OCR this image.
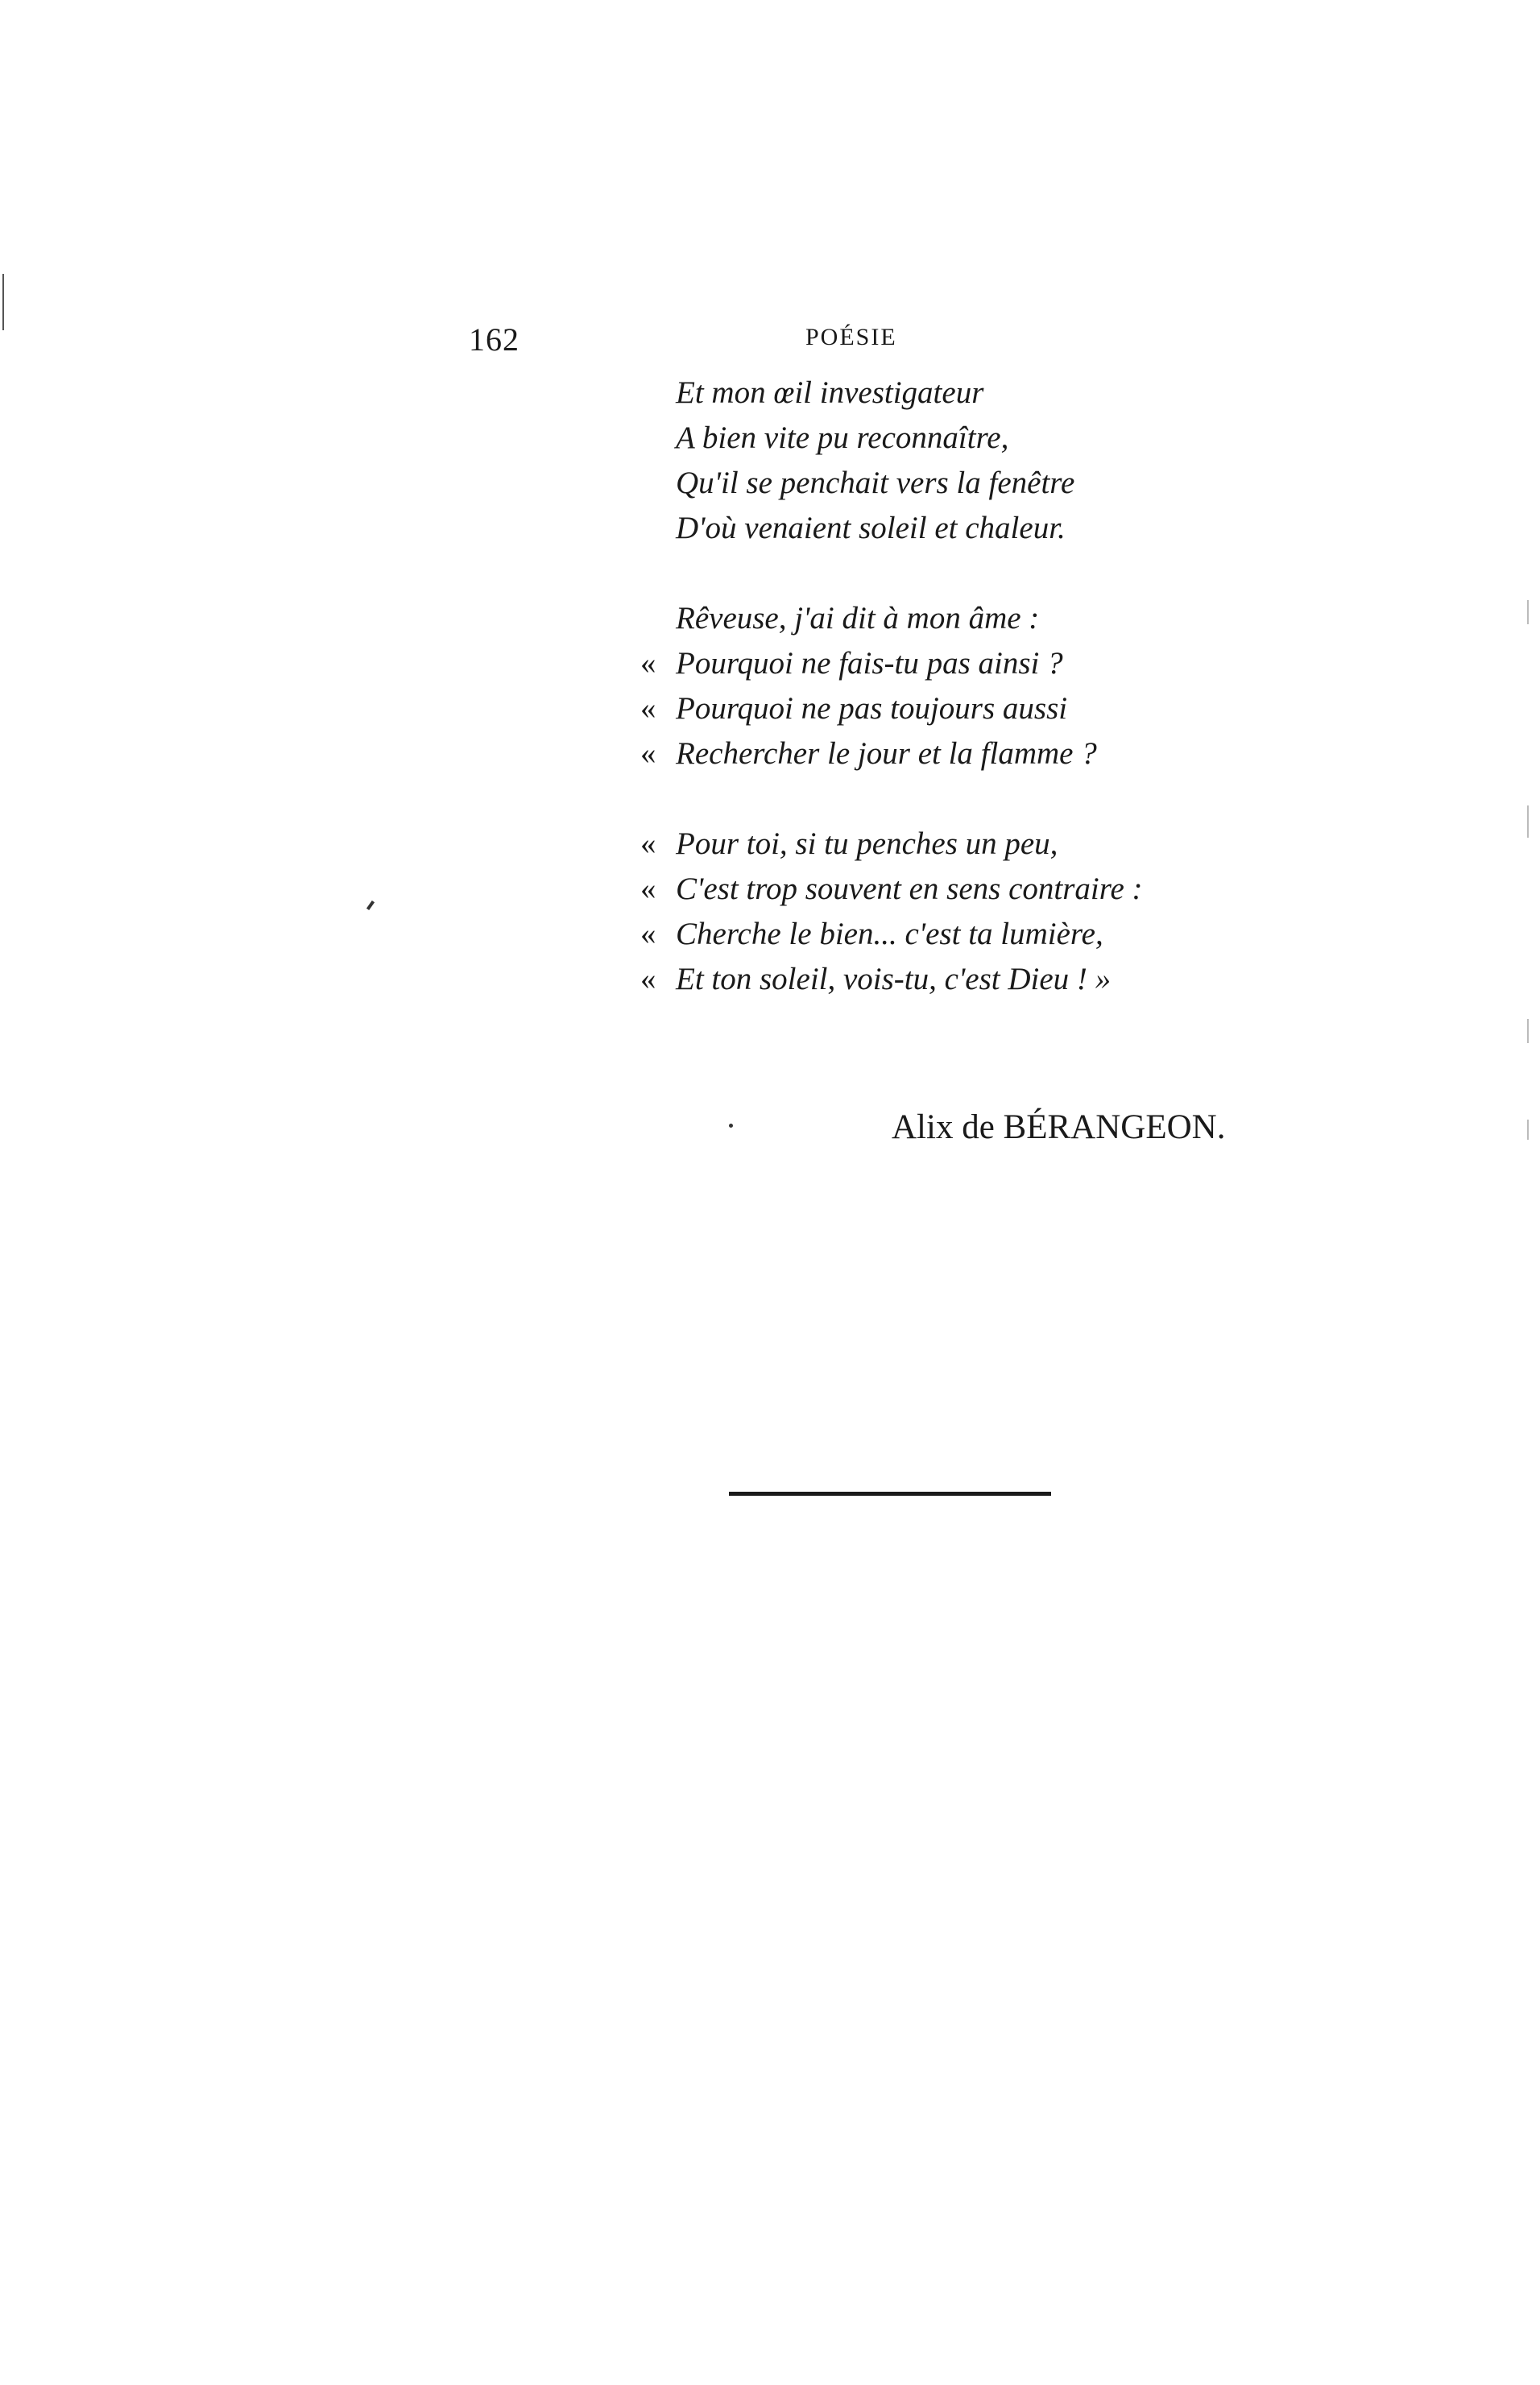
162	POÉSIE
Et mon œil investigateur
A bien vite pu reconnaître,
Qu'il se penchait vers la fenêtre
D'où venaient soleil et chaleur.
Rêveuse, j'ai dit à mon âme :
« Pourquoi ne fais-tu pas ainsi ?
« Pourquoi ne pas toujours aussi
« Rechercher le jour et la flamme ?
« Pour toi, si tu penches un peu,
« C'est trop souvent en sens contraire :
« Cherche le bien... c'est ta lumière,
« Et ton soleil, vois-tu, c'est Dieu ! »
Alix de BÉRANGEON.
